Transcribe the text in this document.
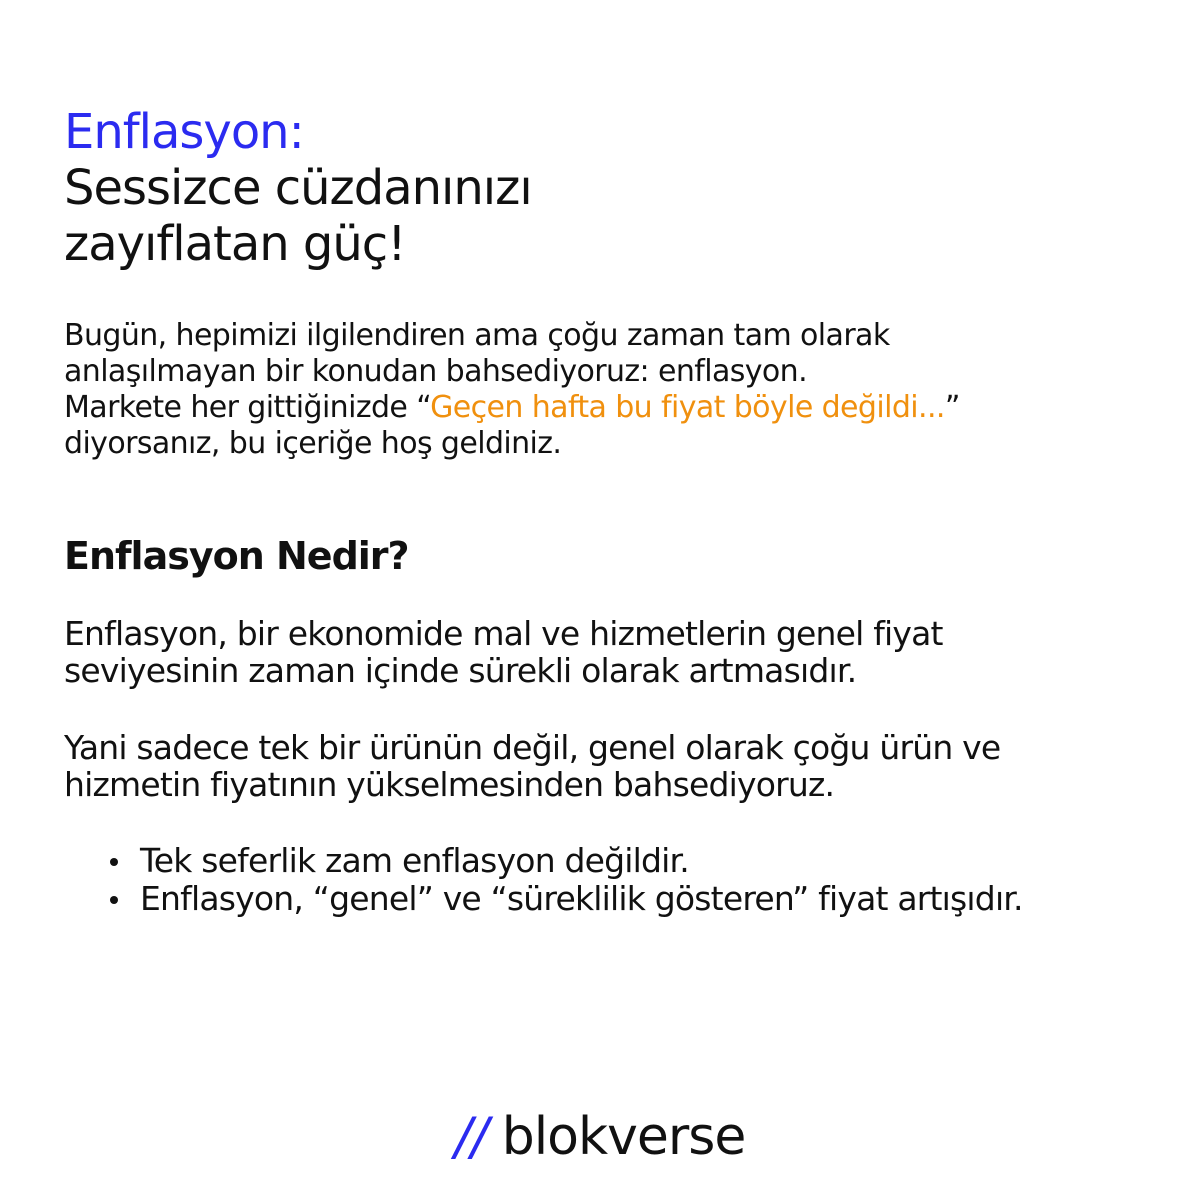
Enflasyon:
Sessizce cüzdanınızı
zayıflatan güç!

Bugün, hepimizi ilgilendiren ama çoğu zaman tam olarak
anlaşılmayan bir konudan bahsediyoruz: enflasyon.
Markete her gittiğinizde “Geçen hafta bu fiyat böyle değildi...”
diyorsanız, bu içeriğe hoş geldiniz.

Enflasyon Nedir?

Enflasyon, bir ekonomide mal ve hizmetlerin genel fiyat
seviyesinin zaman içinde sürekli olarak artmasıdır.

Yani sadece tek bir ürünün değil, genel olarak çoğu ürün ve
hizmetin fiyatının yükselmesinden bahsediyoruz.

Tek seferlik zam enflasyon değildir.
Enflasyon, “genel” ve “süreklilik gösteren” fiyat artışıdır.
// blokverse
